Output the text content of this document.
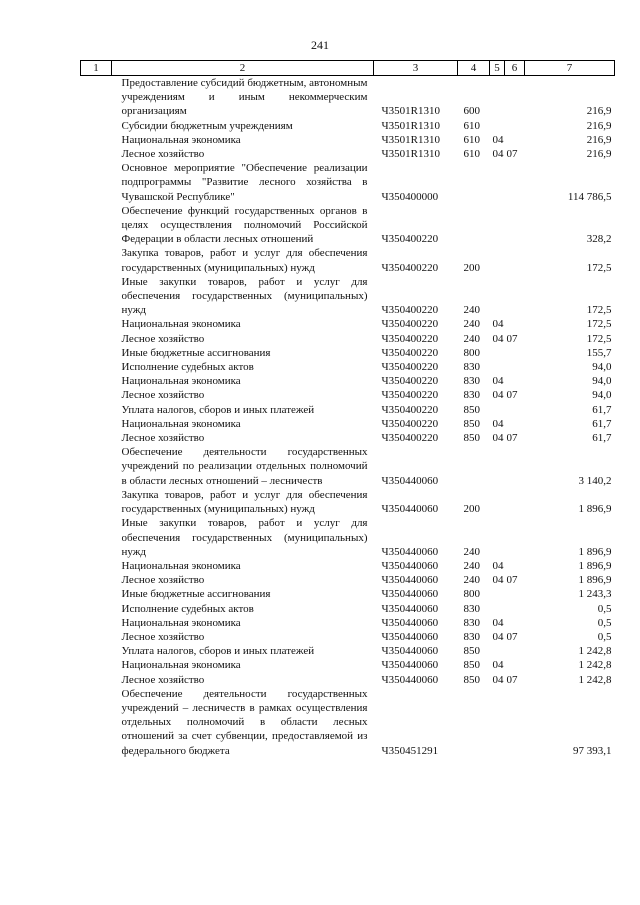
241
1	2	3	4	5	6	7
	Предоставление субсидий бюджетным, автономным учреждениям и иным некоммерческим организациям	Ч3501R1310	600			216,9
	Субсидии бюджетным учреждениям	Ч3501R1310	610			216,9
	Национальная экономика	Ч3501R1310	610	04		216,9
	Лесное хозяйство	Ч3501R1310	610	04	07	216,9
	Основное мероприятие "Обеспечение реализации подпрограммы "Развитие лесного хозяйства в Чувашской Республике"	Ч350400000				114 786,5
	Обеспечение функций государственных органов в целях осуществления полномочий Российской Федерации в области лесных отношений	Ч350400220				328,2
	Закупка товаров, работ и услуг для обеспечения государственных (муниципальных) нужд	Ч350400220	200			172,5
	Иные закупки товаров, работ и услуг для обеспечения государственных (муниципальных) нужд	Ч350400220	240			172,5
	Национальная экономика	Ч350400220	240	04		172,5
	Лесное хозяйство	Ч350400220	240	04	07	172,5
	Иные бюджетные ассигнования	Ч350400220	800			155,7
	Исполнение судебных актов	Ч350400220	830			94,0
	Национальная экономика	Ч350400220	830	04		94,0
	Лесное хозяйство	Ч350400220	830	04	07	94,0
	Уплата налогов, сборов и иных платежей	Ч350400220	850			61,7
	Национальная экономика	Ч350400220	850	04		61,7
	Лесное хозяйство	Ч350400220	850	04	07	61,7
	Обеспечение деятельности государственных учреждений по реализации отдельных полномочий в области лесных отношений – лесничеств	Ч350440060				3 140,2
	Закупка товаров, работ и услуг для обеспечения государственных (муниципальных) нужд	Ч350440060	200			1 896,9
	Иные закупки товаров, работ и услуг для обеспечения государственных (муниципальных) нужд	Ч350440060	240			1 896,9
	Национальная экономика	Ч350440060	240	04		1 896,9
	Лесное хозяйство	Ч350440060	240	04	07	1 896,9
	Иные бюджетные ассигнования	Ч350440060	800			1 243,3
	Исполнение судебных актов	Ч350440060	830			0,5
	Национальная экономика	Ч350440060	830	04		0,5
	Лесное хозяйство	Ч350440060	830	04	07	0,5
	Уплата налогов, сборов и иных платежей	Ч350440060	850			1 242,8
	Национальная экономика	Ч350440060	850	04		1 242,8
	Лесное хозяйство	Ч350440060	850	04	07	1 242,8
	Обеспечение деятельности государственных учреждений – лесничеств в рамках осуществления отдельных полномочий в области лесных отношений за счет субвенции, предоставляемой из федерального бюджета	Ч350451291				97 393,1
